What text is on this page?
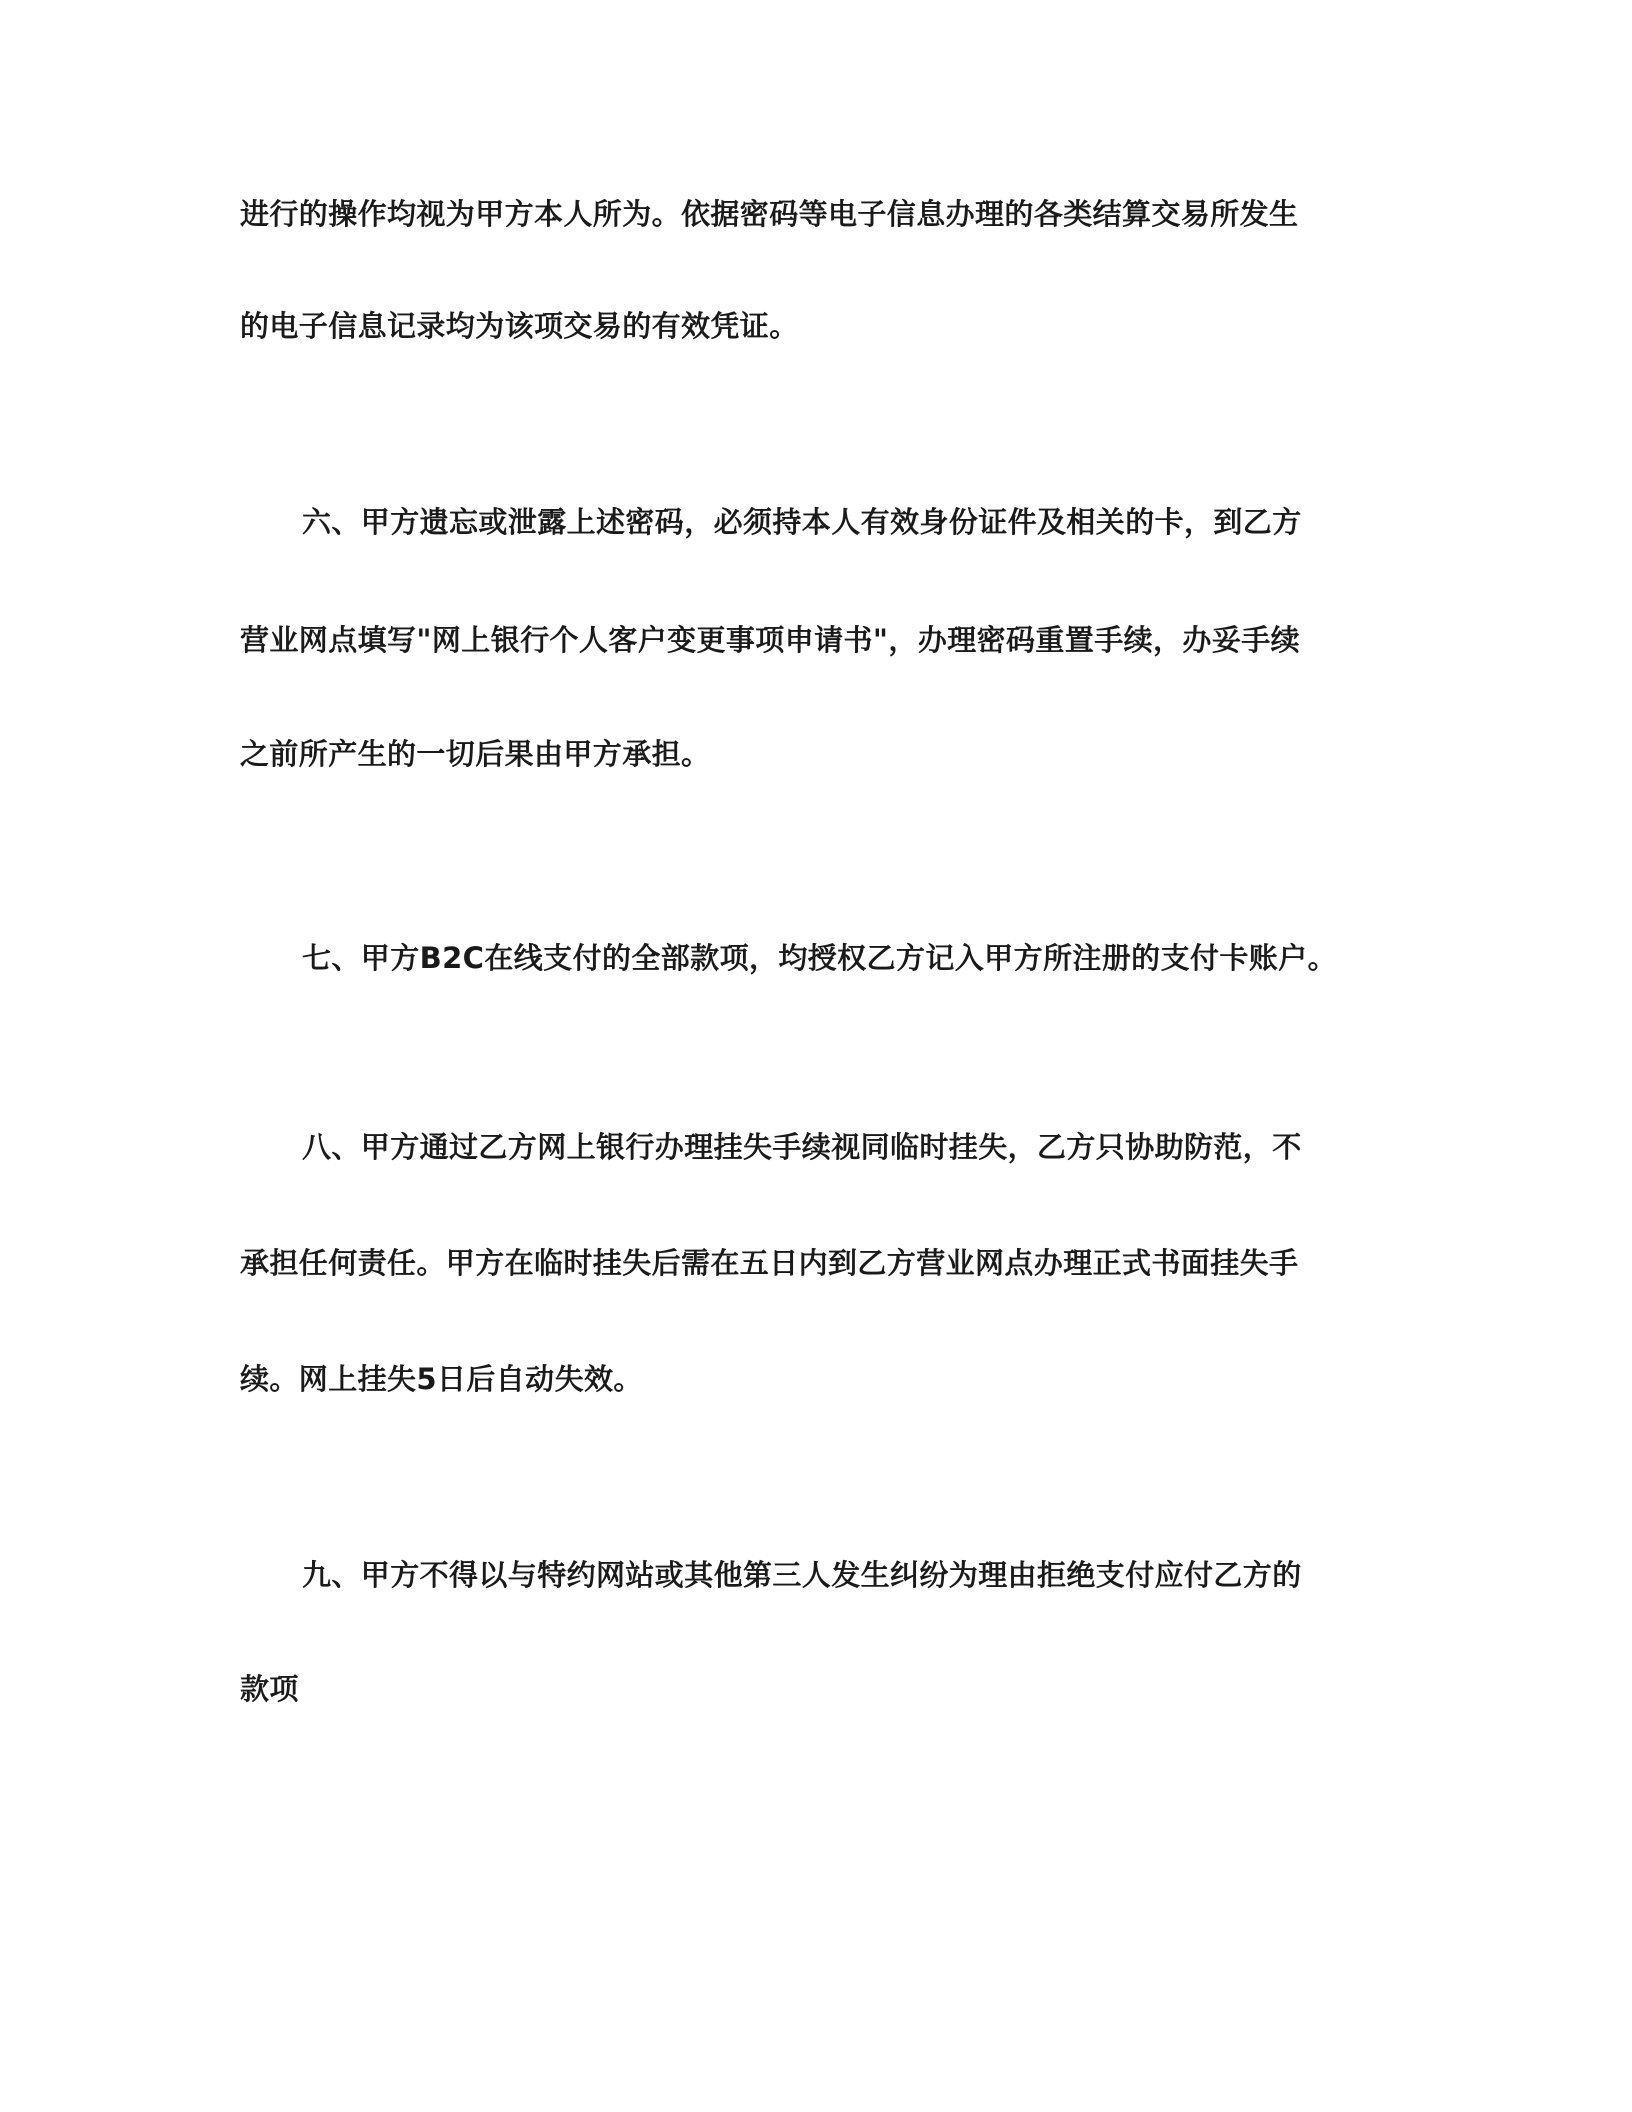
进行的操作均视为甲方本人所为。依据密码等电子信息办理的各类结算交易所发生
的电子信息记录均为该项交易的有效凭证。
六、甲方遗忘或泄露上述密码，必须持本人有效身份证件及相关的卡，到乙方
营业网点填写"网上银行个人客户变更事项申请书"，办理密码重置手续，办妥手续
之前所产生的一切后果由甲方承担。
七、甲方B2C在线支付的全部款项，均授权乙方记入甲方所注册的支付卡账户。
八、甲方通过乙方网上银行办理挂失手续视同临时挂失，乙方只协助防范，不
承担任何责任。甲方在临时挂失后需在五日内到乙方营业网点办理正式书面挂失手
续。网上挂失5日后自动失效。
九、甲方不得以与特约网站或其他第三人发生纠纷为理由拒绝支付应付乙方的
款项
